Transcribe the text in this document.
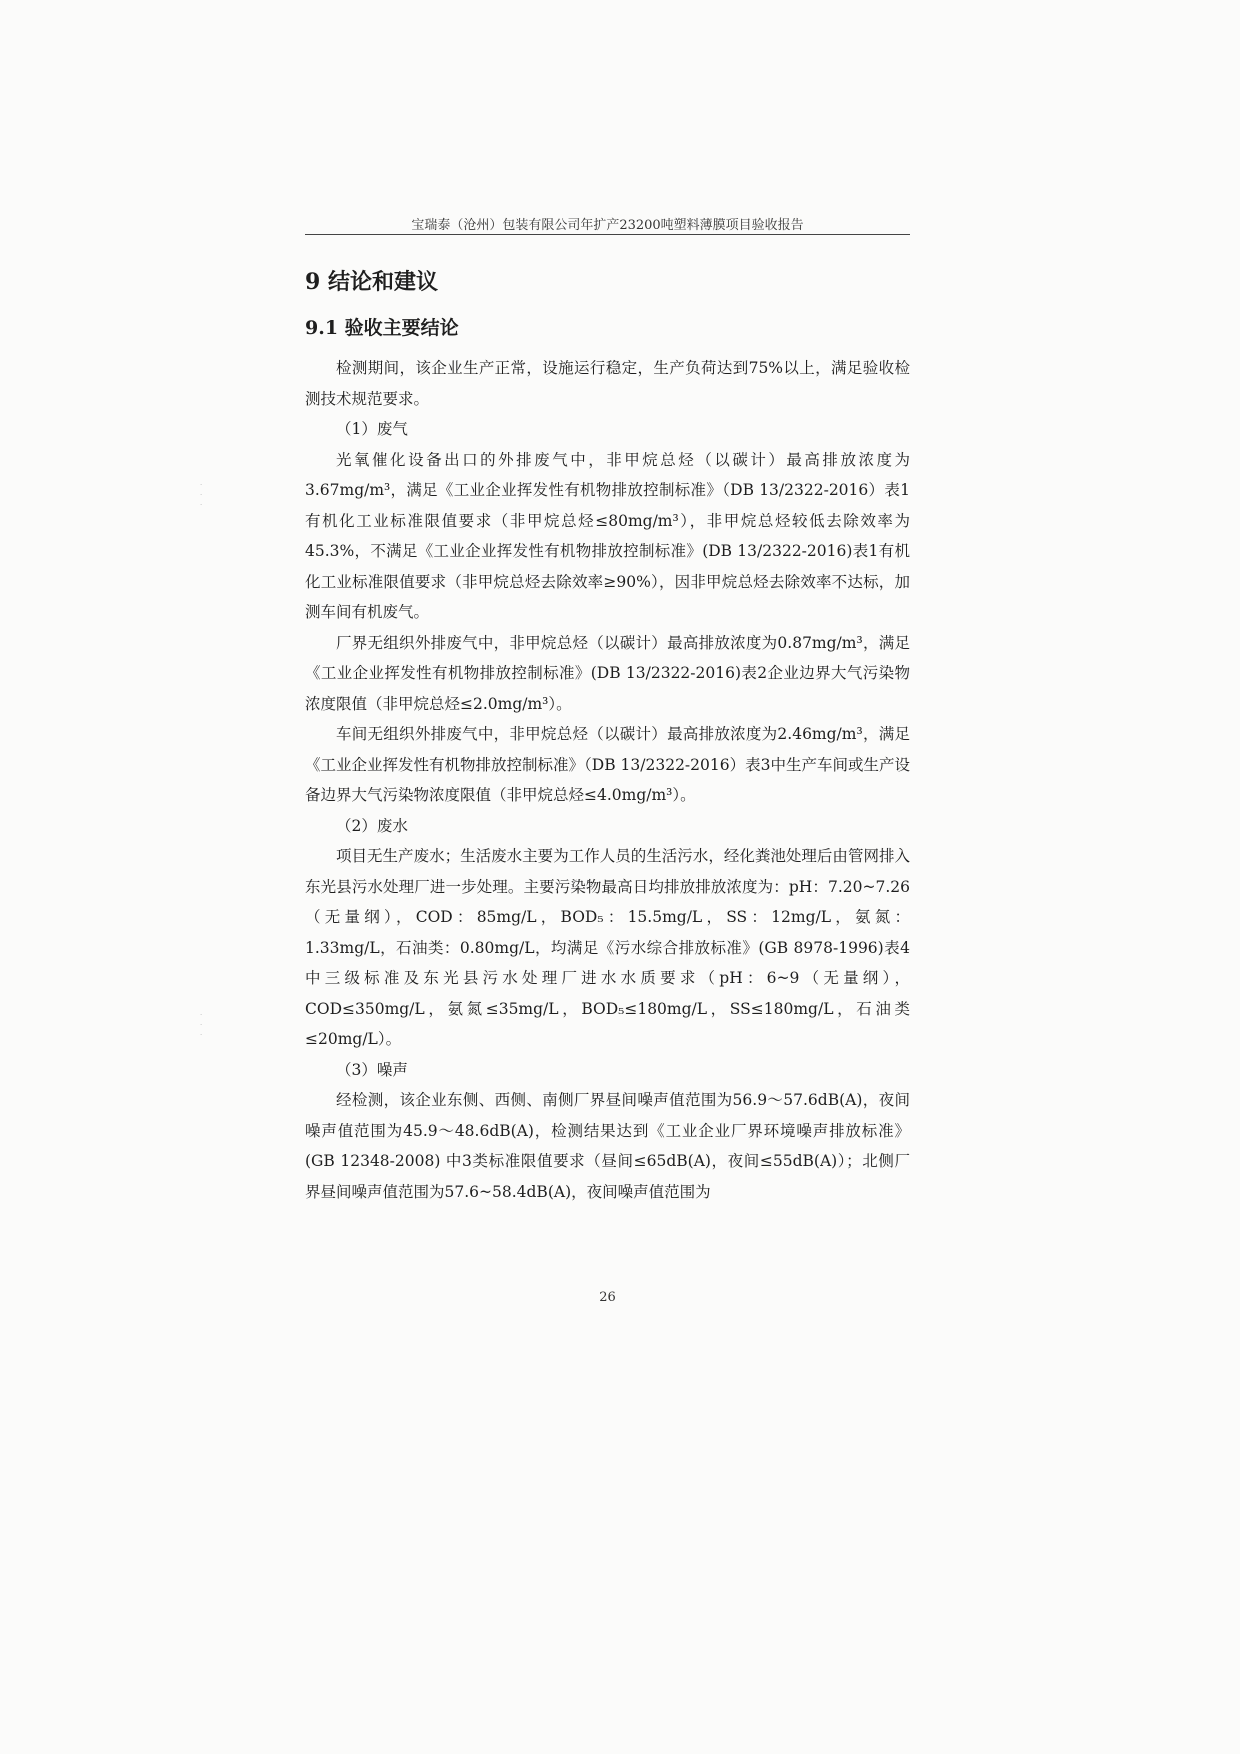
宝瑞泰（沧州）包装有限公司年扩产23200吨塑料薄膜项目验收报告
9 结论和建议
9.1 验收主要结论

检测期间，该企业生产正常，设施运行稳定，生产负荷达到75%以上，满足验收检测技术规范要求。

（1）废气

光氧催化设备出口的外排废气中，非甲烷总烃（以碳计）最高排放浓度为3.67mg/m³，满足《工业企业挥发性有机物排放控制标准》（DB 13/2322-2016）表1有机化工业标准限值要求（非甲烷总烃≤80mg/m³），非甲烷总烃较低去除效率为45.3%，不满足《工业企业挥发性有机物排放控制标准》(DB 13/2322-2016)表1有机化工业标准限值要求（非甲烷总烃去除效率≥90%），因非甲烷总烃去除效率不达标，加测车间有机废气。

厂界无组织外排废气中，非甲烷总烃（以碳计）最高排放浓度为0.87mg/m³，满足《工业企业挥发性有机物排放控制标准》(DB 13/2322-2016)表2企业边界大气污染物浓度限值（非甲烷总烃≤2.0mg/m³）。

车间无组织外排废气中，非甲烷总烃（以碳计）最高排放浓度为2.46mg/m³，满足《工业企业挥发性有机物排放控制标准》（DB 13/2322-2016）表3中生产车间或生产设备边界大气污染物浓度限值（非甲烷总烃≤4.0mg/m³）。

（2）废水

项目无生产废水；生活废水主要为工作人员的生活污水，经化粪池处理后由管网排入东光县污水处理厂进一步处理。主要污染物最高日均排放排放浓度为：pH：7.20~7.26（无量纲），COD：85mg/L，BOD₅：15.5mg/L，SS：12mg/L，氨氮：1.33mg/L，石油类：0.80mg/L，均满足《污水综合排放标准》(GB 8978-1996)表4中三级标准及东光县污水处理厂进水水质要求（pH：6~9（无量纲），COD≤350mg/L，氨氮≤35mg/L，BOD₅≤180mg/L，SS≤180mg/L，石油类≤20mg/L）。

（3）噪声

经检测，该企业东侧、西侧、南侧厂界昼间噪声值范围为56.9～57.6dB(A)，夜间噪声值范围为45.9～48.6dB(A)，检测结果达到《工业企业厂界环境噪声排放标准》(GB 12348-2008) 中3类标准限值要求（昼间≤65dB(A)，夜间≤55dB(A)）；北侧厂界昼间噪声值范围为57.6~58.4dB(A)，夜间噪声值范围为

26
·
·
·
·
·
·
